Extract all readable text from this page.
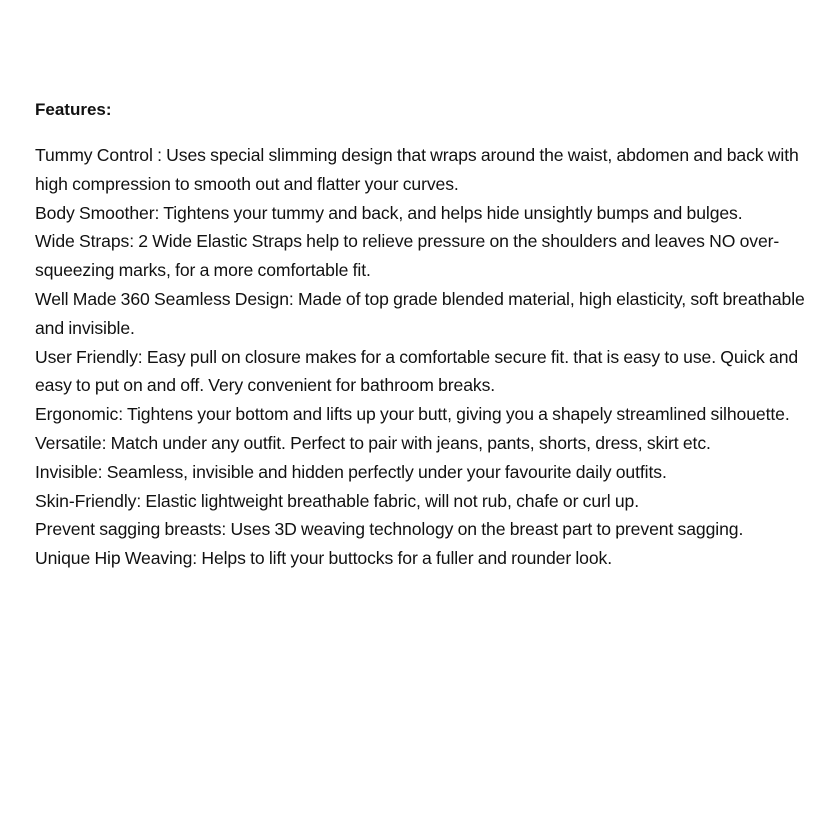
Features:
Tummy Control : Uses special slimming design that wraps around the waist, abdomen and back with high compression to smooth out and flatter your curves.
Body Smoother: Tightens your tummy and back, and helps hide unsightly bumps and bulges.
Wide Straps: 2 Wide Elastic Straps help to relieve pressure on the shoulders and leaves NO over-squeezing marks, for a more comfortable fit.
Well Made 360 Seamless Design: Made of top grade blended material, high elasticity, soft breathable and invisible.
User Friendly: Easy pull on closure makes for a comfortable secure fit. that is easy to use. Quick and easy to put on and off. Very convenient for bathroom breaks.
Ergonomic: Tightens your bottom and lifts up your butt, giving you a shapely streamlined silhouette.
Versatile: Match under any outfit. Perfect to pair with jeans, pants, shorts, dress, skirt etc.
Invisible: Seamless, invisible and hidden perfectly under your favourite daily outfits.
Skin-Friendly: Elastic lightweight breathable fabric, will not rub, chafe or curl up.
Prevent sagging breasts: Uses 3D weaving technology on the breast part to prevent sagging.
Unique Hip Weaving: Helps to lift your buttocks for a fuller and rounder look.
